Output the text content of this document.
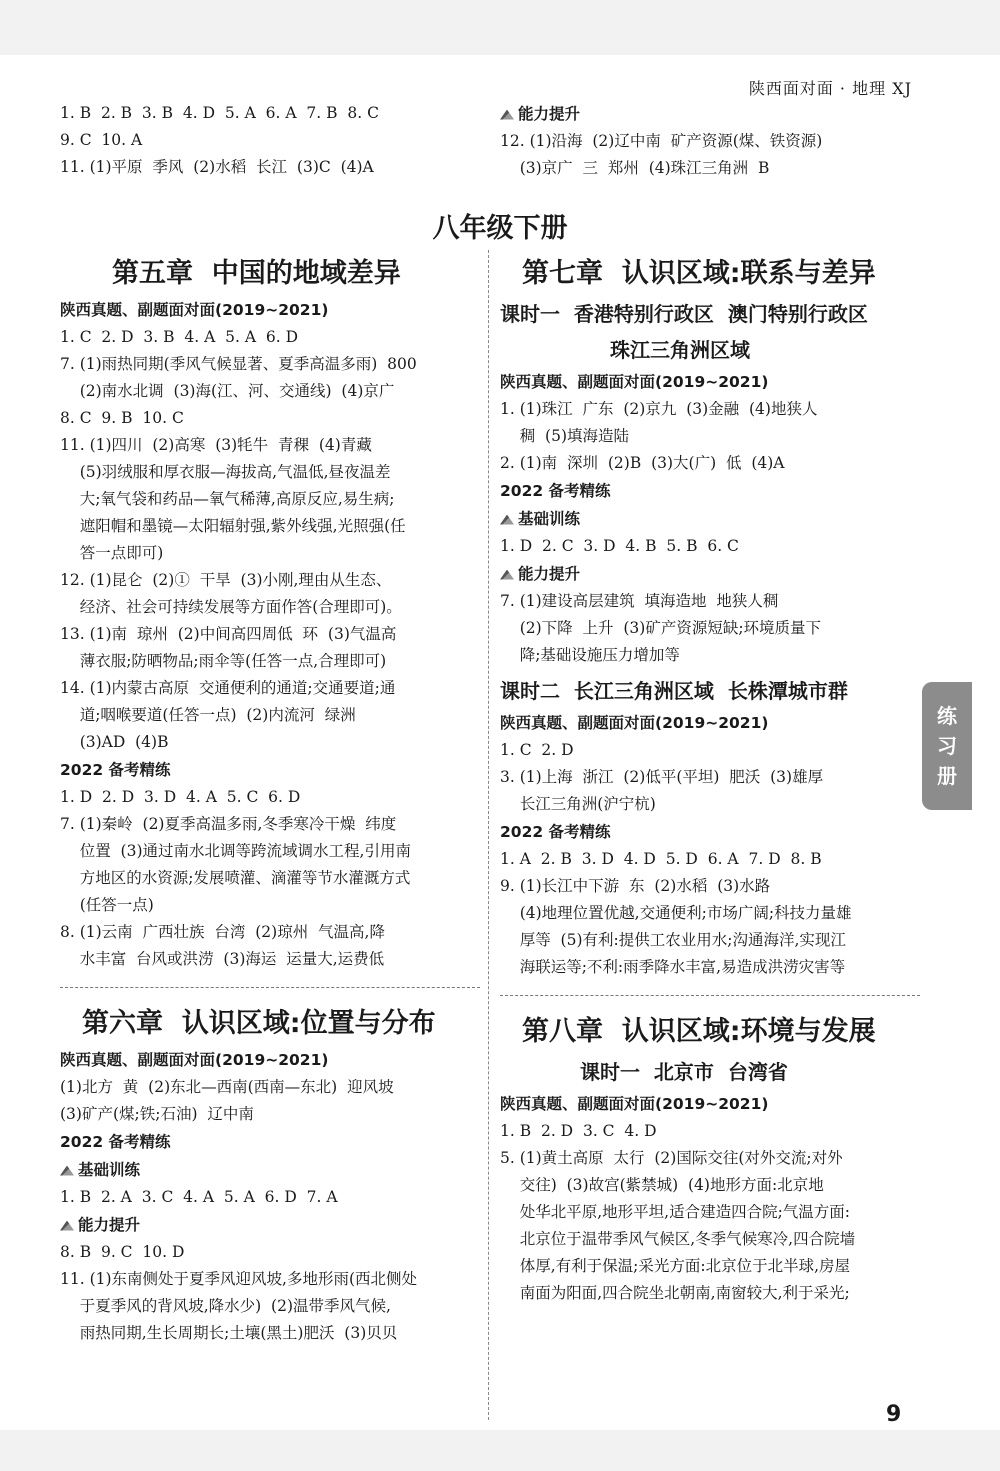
陕西面对面 · 地理 XJ
1. B  2. B  3. B  4. D  5. A  6. A  7. B  8. C
9. C  10. A
11. (1)平原  季风  (2)水稻  长江  (3)C  (4)A
能力提升
12. (1)沿海  (2)辽中南  矿产资源(煤、铁资源)
(3)京广  三  郑州  (4)珠江三角洲  B
八年级下册
第五章  中国的地域差异
陕西真题、副题面对面(2019~2021)
1. C  2. D  3. B  4. A  5. A  6. D
7. (1)雨热同期(季风气候显著、夏季高温多雨)  800
(2)南水北调  (3)海(江、河、交通线)  (4)京广
8. C  9. B  10. C
11. (1)四川  (2)高寒  (3)牦牛  青稞  (4)青藏
(5)羽绒服和厚衣服—海拔高,气温低,昼夜温差
大;氧气袋和药品—氧气稀薄,高原反应,易生病;
遮阳帽和墨镜—太阳辐射强,紫外线强,光照强(任
答一点即可)
12. (1)昆仑  (2)①  干旱  (3)小刚,理由从生态、
经济、社会可持续发展等方面作答(合理即可)。
13. (1)南  琼州  (2)中间高四周低  环  (3)气温高
薄衣服;防晒物品;雨伞等(任答一点,合理即可)
14. (1)内蒙古高原  交通便利的通道;交通要道;通
道;咽喉要道(任答一点)  (2)内流河  绿洲
(3)AD  (4)B
2022 备考精练
1. D  2. D  3. D  4. A  5. C  6. D
7. (1)秦岭  (2)夏季高温多雨,冬季寒冷干燥  纬度
位置  (3)通过南水北调等跨流域调水工程,引用南
方地区的水资源;发展喷灌、滴灌等节水灌溉方式
(任答一点)
8. (1)云南  广西壮族  台湾  (2)琼州  气温高,降
水丰富  台风或洪涝  (3)海运  运量大,运费低
第六章  认识区域:位置与分布
陕西真题、副题面对面(2019~2021)
(1)北方  黄  (2)东北—西南(西南—东北)  迎风坡
(3)矿产(煤;铁;石油)  辽中南
2022 备考精练
基础训练
1. B  2. A  3. C  4. A  5. A  6. D  7. A
能力提升
8. B  9. C  10. D
11. (1)东南侧处于夏季风迎风坡,多地形雨(西北侧处
于夏季风的背风坡,降水少)  (2)温带季风气候,
雨热同期,生长周期长;土壤(黑土)肥沃  (3)贝贝
第七章  认识区域:联系与差异
课时一  香港特别行政区  澳门特别行政区
珠江三角洲区域
陕西真题、副题面对面(2019~2021)
1. (1)珠江  广东  (2)京九  (3)金融  (4)地狭人
稠  (5)填海造陆
2. (1)南  深圳  (2)B  (3)大(广)  低  (4)A
2022 备考精练
基础训练
1. D  2. C  3. D  4. B  5. B  6. C
能力提升
7. (1)建设高层建筑  填海造地  地狭人稠
(2)下降  上升  (3)矿产资源短缺;环境质量下
降;基础设施压力增加等
课时二  长江三角洲区域  长株潭城市群
陕西真题、副题面对面(2019~2021)
1. C  2. D
3. (1)上海  浙江  (2)低平(平坦)  肥沃  (3)雄厚
长江三角洲(沪宁杭)
2022 备考精练
1. A  2. B  3. D  4. D  5. D  6. A  7. D  8. B
9. (1)长江中下游  东  (2)水稻  (3)水路
(4)地理位置优越,交通便利;市场广阔;科技力量雄
厚等  (5)有利:提供工农业用水;沟通海洋,实现江
海联运等;不利:雨季降水丰富,易造成洪涝灾害等
第八章  认识区域:环境与发展
课时一  北京市  台湾省
陕西真题、副题面对面(2019~2021)
1. B  2. D  3. C  4. D
5. (1)黄土高原  太行  (2)国际交往(对外交流;对外
交往)  (3)故宫(紫禁城)  (4)地形方面:北京地
处华北平原,地形平坦,适合建造四合院;气温方面:
北京位于温带季风气候区,冬季气候寒冷,四合院墙
体厚,有利于保温;采光方面:北京位于北半球,房屋
南面为阳面,四合院坐北朝南,南窗较大,利于采光;
练
习
册
9
